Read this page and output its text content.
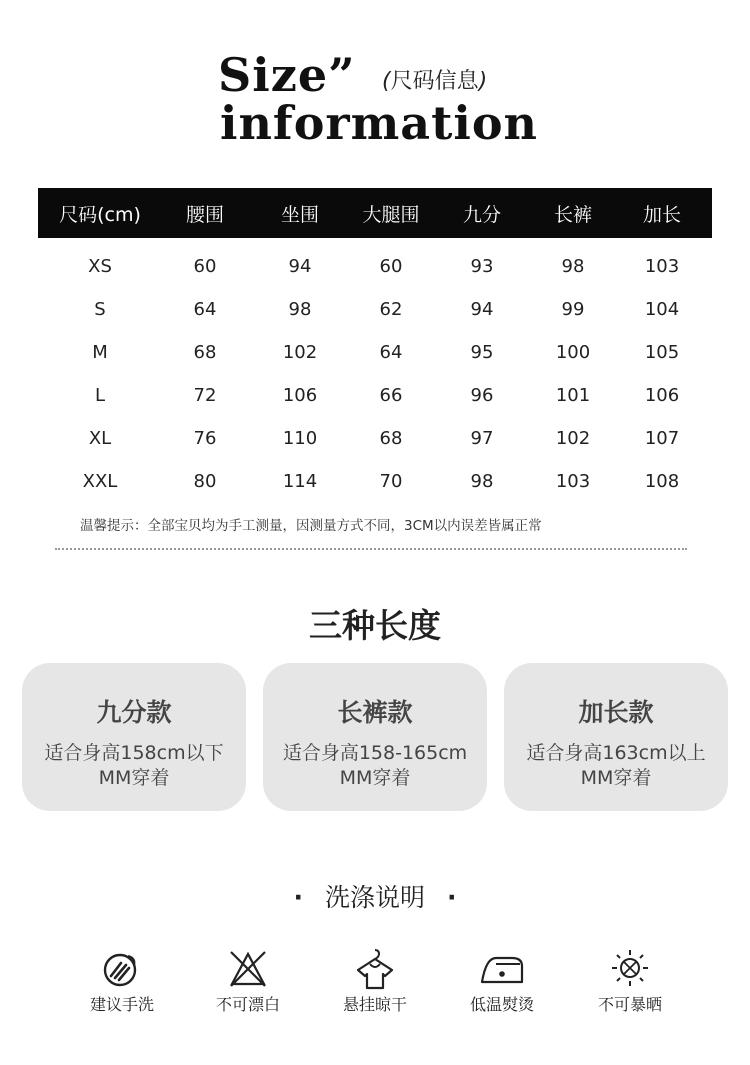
Size”
information
(尺码信息)
尺码(cm)	腰围	坐围	大腿围	九分	长裤	加长
XS	60	94	60	93	98	103
S	64	98	62	94	99	104
M	68	102	64	95	100	105
L	72	106	66	96	101	106
XL	76	110	68	97	102	107
XXL	80	114	70	98	103	108
温馨提示：全部宝贝均为手工测量，因测量方式不同，3CM以内误差皆属正常
三种长度
九分款
适合身高158cm以下
MM穿着
长裤款
适合身高158-165cm
MM穿着
加长款
适合身高163cm以上
MM穿着
· 洗涤说明 ·
建议手洗	不可漂白	悬挂晾干	低温熨烫	不可暴晒
